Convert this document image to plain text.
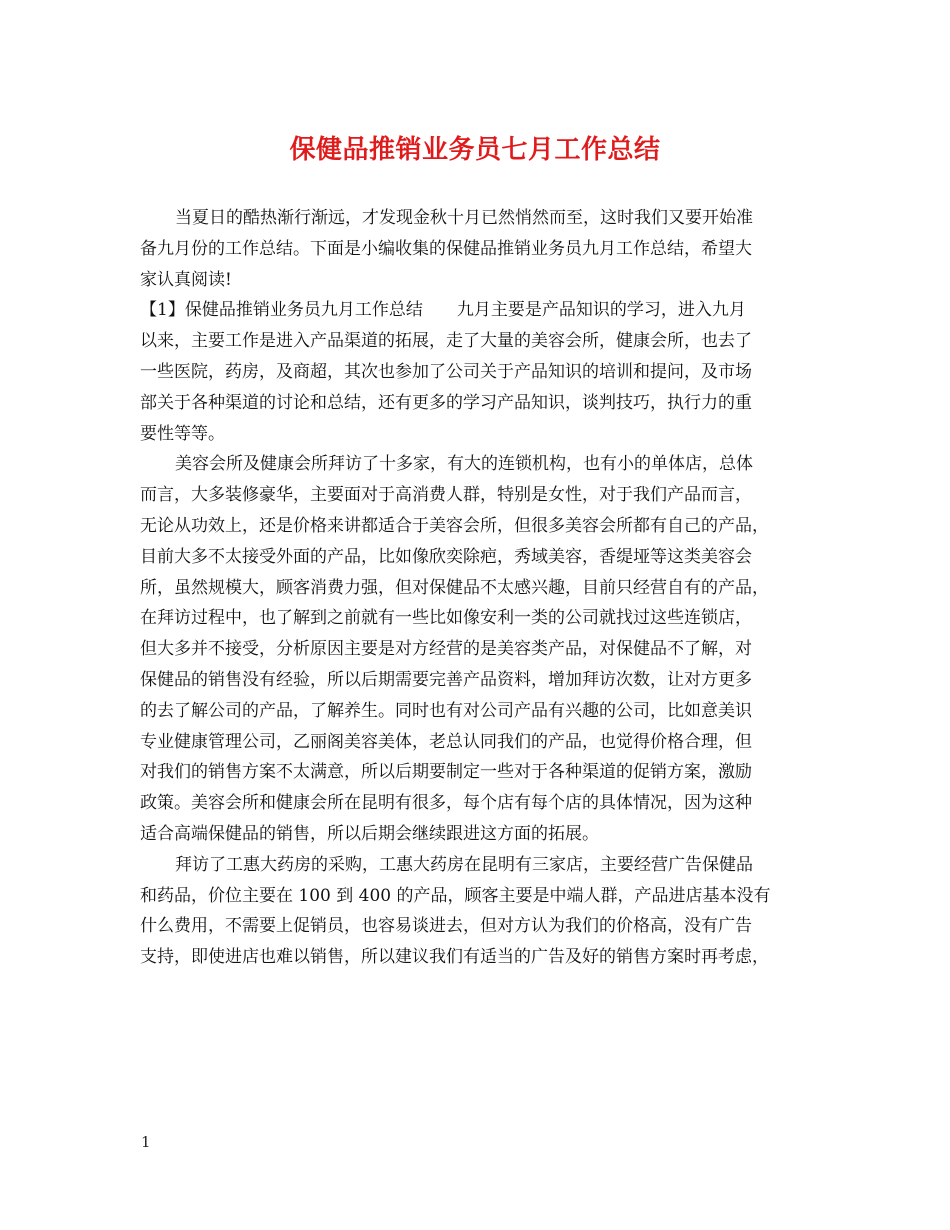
保健品推销业务员七月工作总结
当夏日的酷热渐行渐远，才发现金秋十月已然悄然而至，这时我们又要开始准
备九月份的工作总结。下面是小编收集的保健品推销业务员九月工作总结，希望大
家认真阅读!
【1】保健品推销业务员九月工作总结　　九月主要是产品知识的学习，进入九月
以来，主要工作是进入产品渠道的拓展，走了大量的美容会所，健康会所，也去了
一些医院，药房，及商超，其次也参加了公司关于产品知识的培训和提问，及市场
部关于各种渠道的讨论和总结，还有更多的学习产品知识，谈判技巧，执行力的重
要性等等。
美容会所及健康会所拜访了十多家，有大的连锁机构，也有小的单体店，总体
而言，大多装修豪华，主要面对于高消费人群，特别是女性，对于我们产品而言，
无论从功效上，还是价格来讲都适合于美容会所，但很多美容会所都有自己的产品，
目前大多不太接受外面的产品，比如像欣奕除疤，秀域美容，香缇垭等这类美容会
所，虽然规模大，顾客消费力强，但对保健品不太感兴趣，目前只经营自有的产品，
在拜访过程中，也了解到之前就有一些比如像安利一类的公司就找过这些连锁店，
但大多并不接受，分析原因主要是对方经营的是美容类产品，对保健品不了解，对
保健品的销售没有经验，所以后期需要完善产品资料，增加拜访次数，让对方更多
的去了解公司的产品，了解养生。同时也有对公司产品有兴趣的公司，比如意美识
专业健康管理公司，乙丽阁美容美体，老总认同我们的产品，也觉得价格合理，但
对我们的销售方案不太满意，所以后期要制定一些对于各种渠道的促销方案，激励
政策。美容会所和健康会所在昆明有很多，每个店有每个店的具体情况，因为这种
适合高端保健品的销售，所以后期会继续跟进这方面的拓展。
拜访了工惠大药房的采购，工惠大药房在昆明有三家店，主要经营广告保健品
和药品，价位主要在 100 到 400 的产品，顾客主要是中端人群，产品进店基本没有
什么费用，不需要上促销员，也容易谈进去，但对方认为我们的价格高，没有广告
支持，即使进店也难以销售，所以建议我们有适当的广告及好的销售方案时再考虑，
1
